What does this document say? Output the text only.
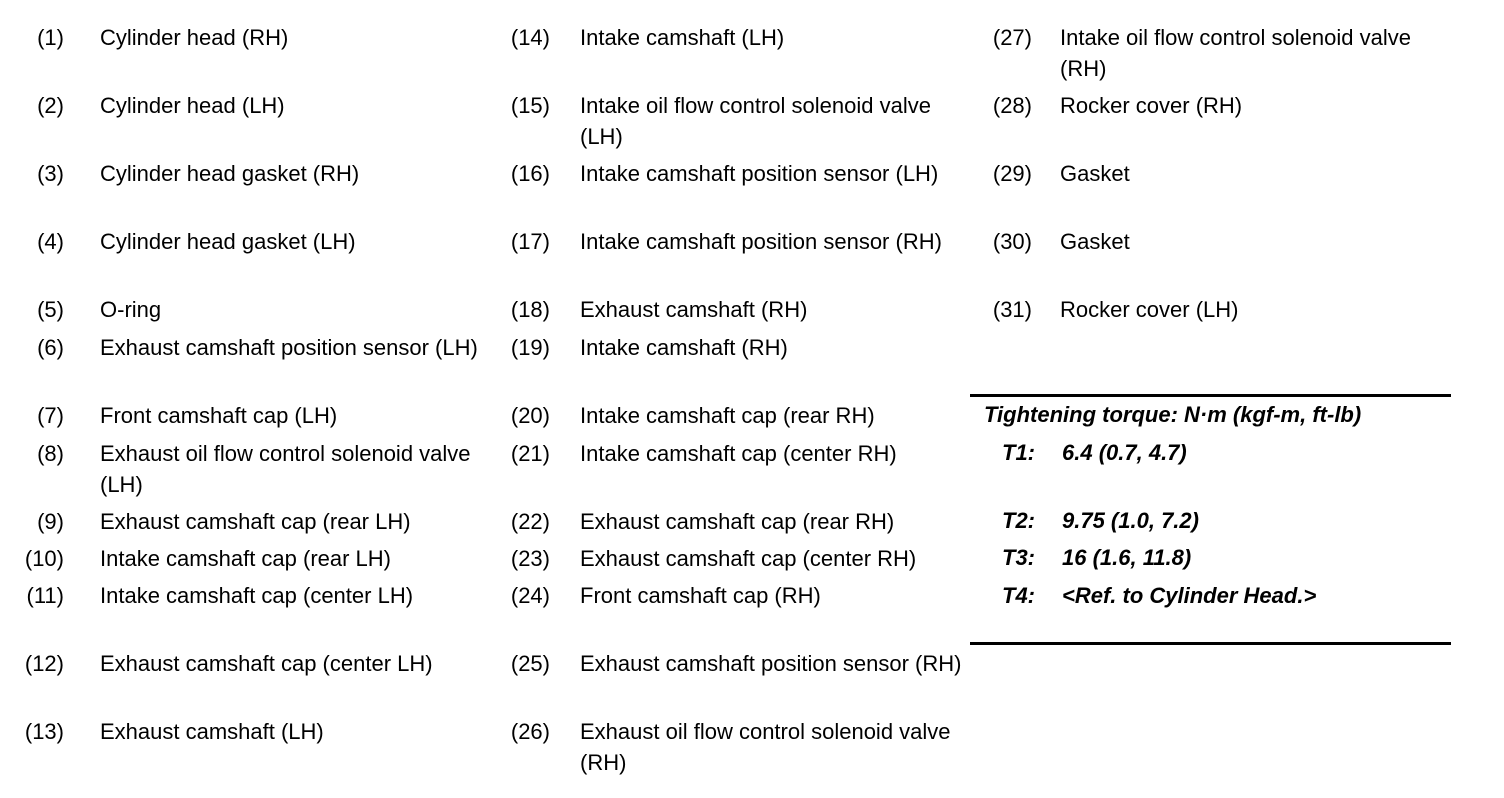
(1) Cylinder head (RH)
(2) Cylinder head (LH)
(3) Cylinder head gasket (RH)
(4) Cylinder head gasket (LH)
(5) O-ring
(6) Exhaust camshaft position sensor (LH)
(7) Front camshaft cap (LH)
(8) Exhaust oil flow control solenoid valve (LH)
(9) Exhaust camshaft cap (rear LH)
(10) Intake camshaft cap (rear LH)
(11) Intake camshaft cap (center LH)
(12) Exhaust camshaft cap (center LH)
(13) Exhaust camshaft (LH)
(14) Intake camshaft (LH)
(15) Intake oil flow control solenoid valve (LH)
(16) Intake camshaft position sensor (LH)
(17) Intake camshaft position sensor (RH)
(18) Exhaust camshaft (RH)
(19) Intake camshaft (RH)
(20) Intake camshaft cap (rear RH)
(21) Intake camshaft cap (center RH)
(22) Exhaust camshaft cap (rear RH)
(23) Exhaust camshaft cap (center RH)
(24) Front camshaft cap (RH)
(25) Exhaust camshaft position sensor (RH)
(26) Exhaust oil flow control solenoid valve (RH)
(27) Intake oil flow control solenoid valve (RH)
(28) Rocker cover (RH)
(29) Gasket
(30) Gasket
(31) Rocker cover (LH)
Tightening torque: N·m (kgf-m, ft-lb)
T1: 6.4 (0.7, 4.7)
T2: 9.75 (1.0, 7.2)
T3: 16 (1.6, 11.8)
T4: <Ref. to Cylinder Head.>
